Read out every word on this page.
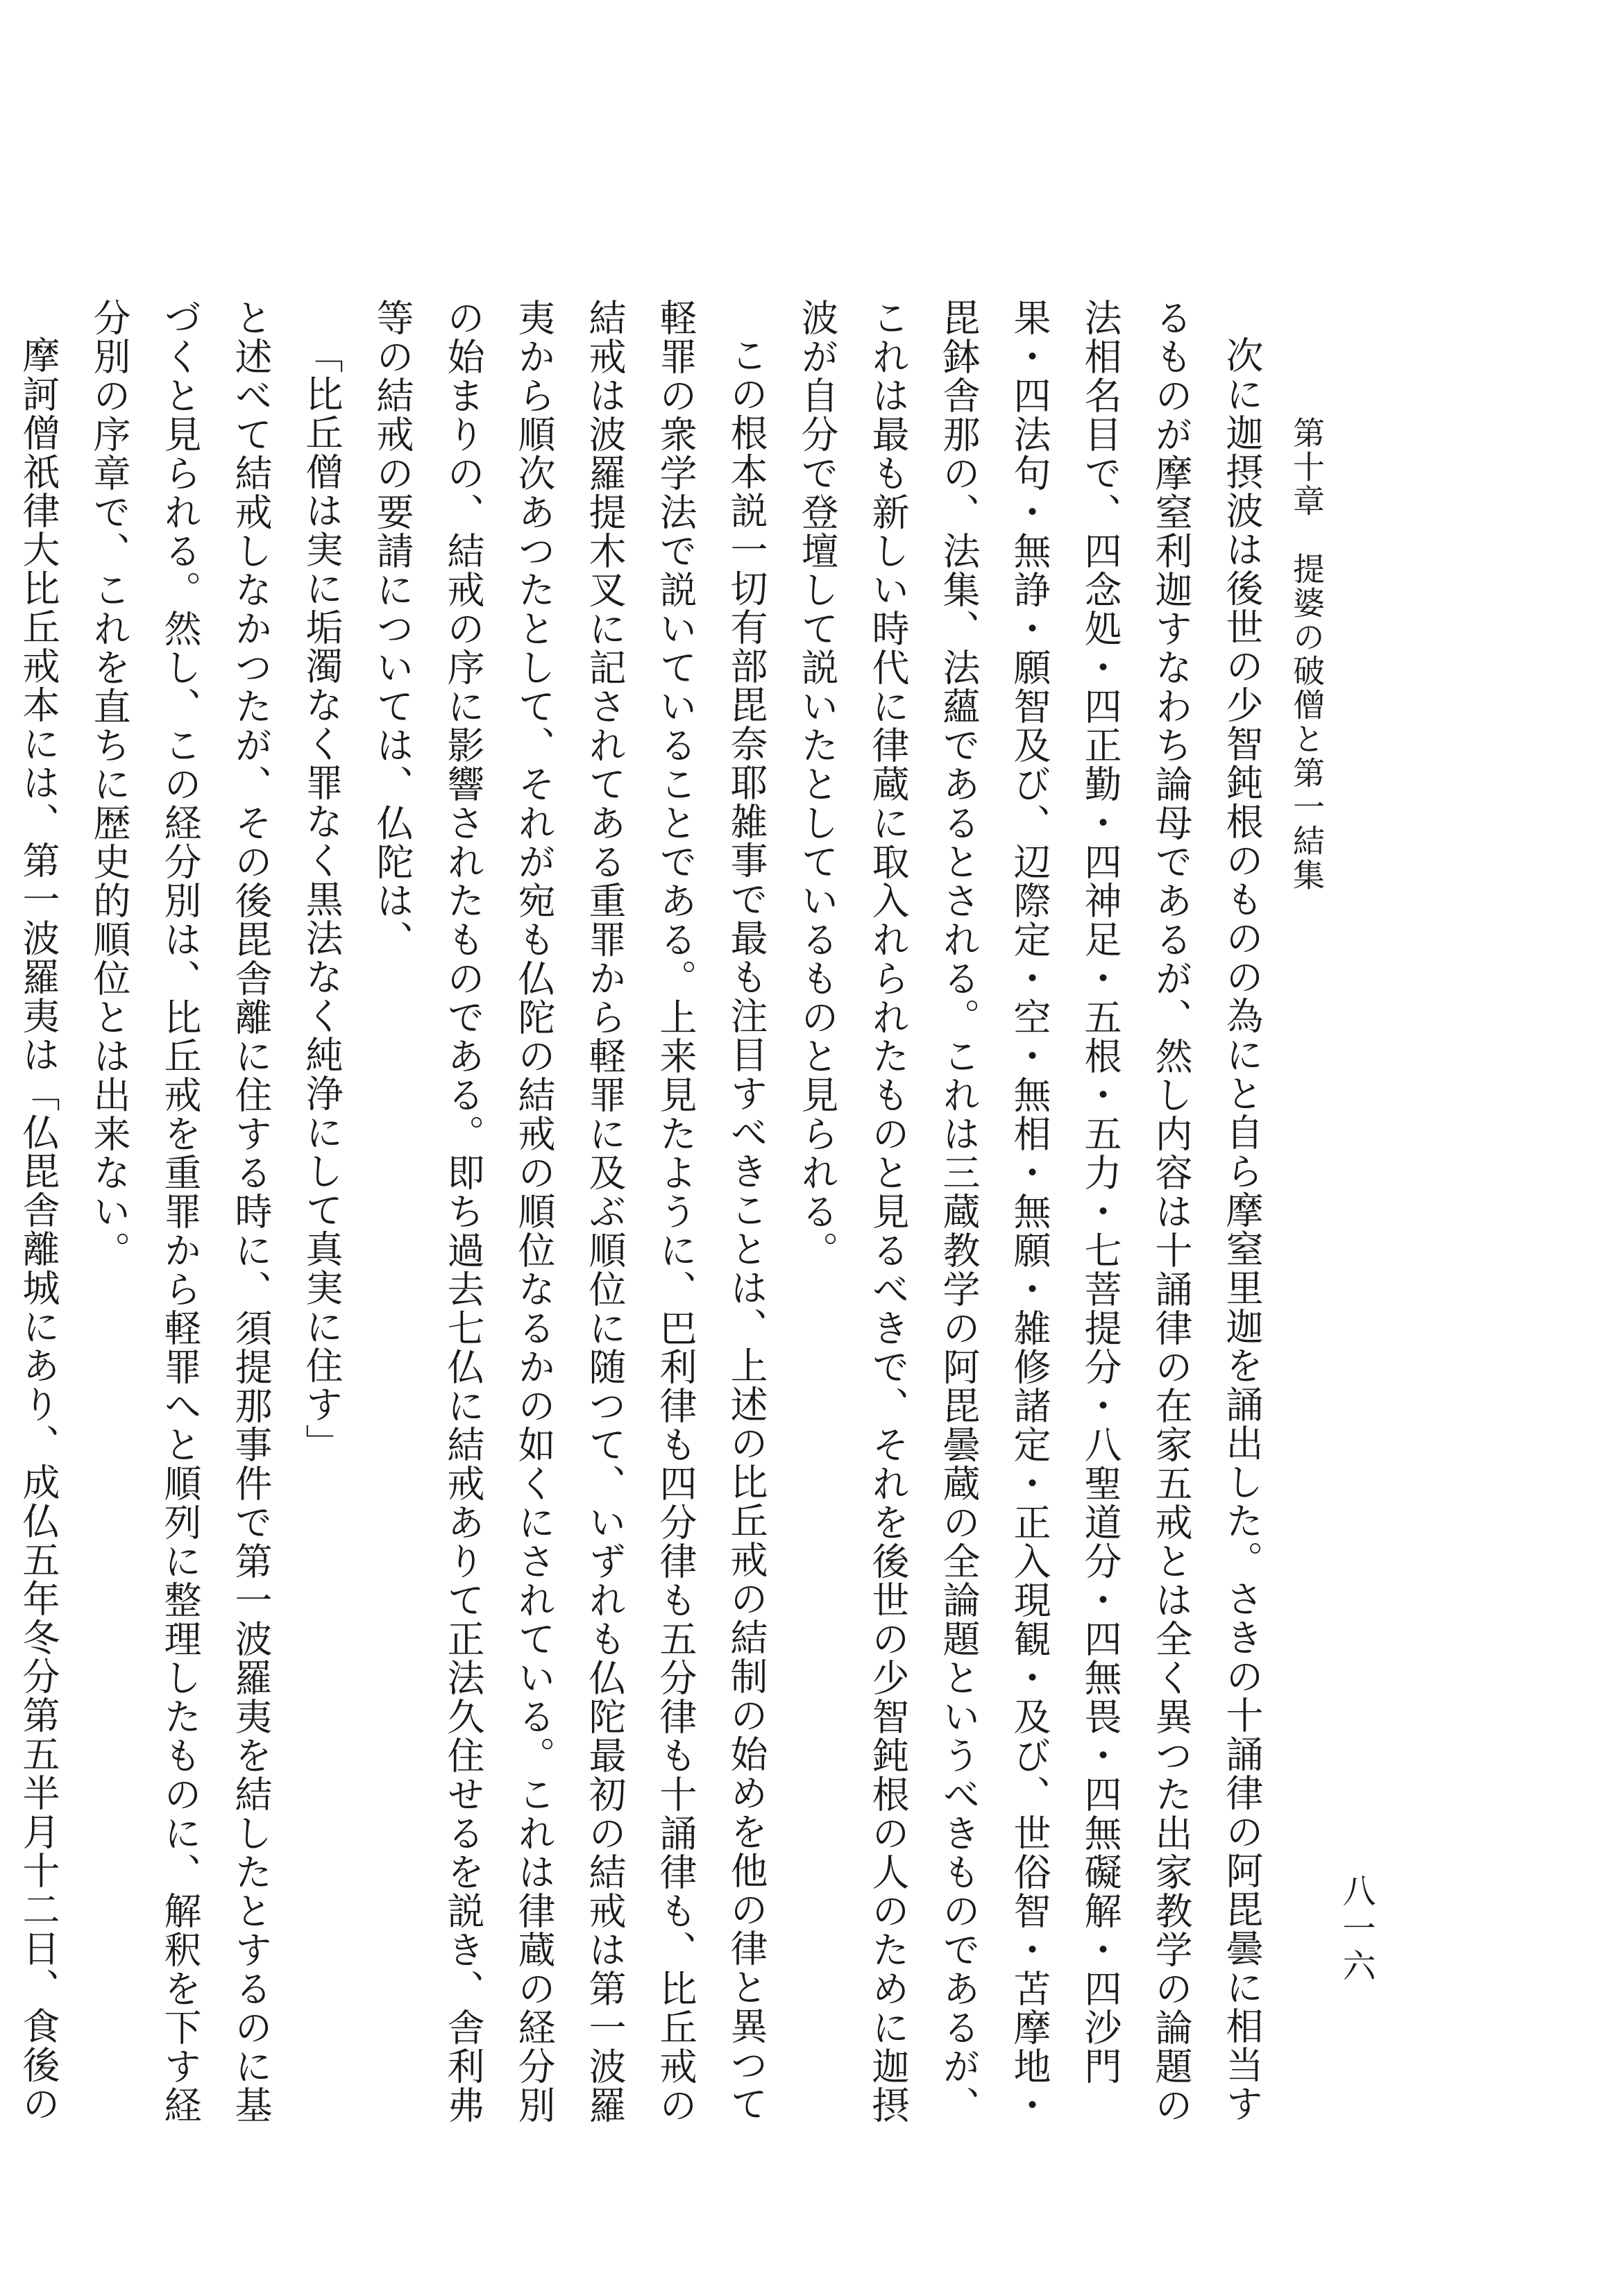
第十章　提婆の破僧と第一結集
八一六

次に迦摂波は後世の少智鈍根のものの為にと自ら摩窒里迦を誦出した。さきの十誦律の阿毘曇に相当するものが摩窒利迦すなわち論母であるが、然し内容は十誦律の在家五戒とは全く異つた出家教学の論題の法相名目で、四念処・四正勤・四神足・五根・五力・七菩提分・八聖道分・四無畏・四無礙解・四沙門果・四法句・無諍・願智及び、辺際定・空・無相・無願・雑修諸定・正入現観・及び、世俗智・苫摩地・毘鉢舎那の、法集、法蘊であるとされる。これは三蔵教学の阿毘曇蔵の全論題というべきものであるが、これは最も新しい時代に律蔵に取入れられたものと見るべきで、それを後世の少智鈍根の人のために迦摂波が自分で登壇して説いたとしているものと見られる。

この根本説一切有部毘奈耶雑事で最も注目すべきことは、上述の比丘戒の結制の始めを他の律と異つて軽罪の衆学法で説いていることである。上来見たように、巴利律も四分律も五分律も十誦律も、比丘戒の結戒は波羅提木叉に記されてある重罪から軽罪に及ぶ順位に随つて、いずれも仏陀最初の結戒は第一波羅夷から順次あつたとして、それが宛も仏陀の結戒の順位なるかの如くにされている。これは律蔵の経分別の始まりの、結戒の序に影響されたものである。即ち過去七仏に結戒ありて正法久住せるを説き、舎利弗等の結戒の要請については、仏陀は、

「比丘僧は実に垢濁なく罪なく黒法なく純浄にして真実に住す」

と述べて結戒しなかつたが、その後毘舎離に住する時に、須提那事件で第一波羅夷を結したとするのに基づくと見られる。然し、この経分別は、比丘戒を重罪から軽罪へと順列に整理したものに、解釈を下す経分別の序章で、これを直ちに歴史的順位とは出来ない。

摩訶僧祇律大比丘戒本には、第一波羅夷は「仏毘舎離城にあり、成仏五年冬分第五半月十二日、食後の
